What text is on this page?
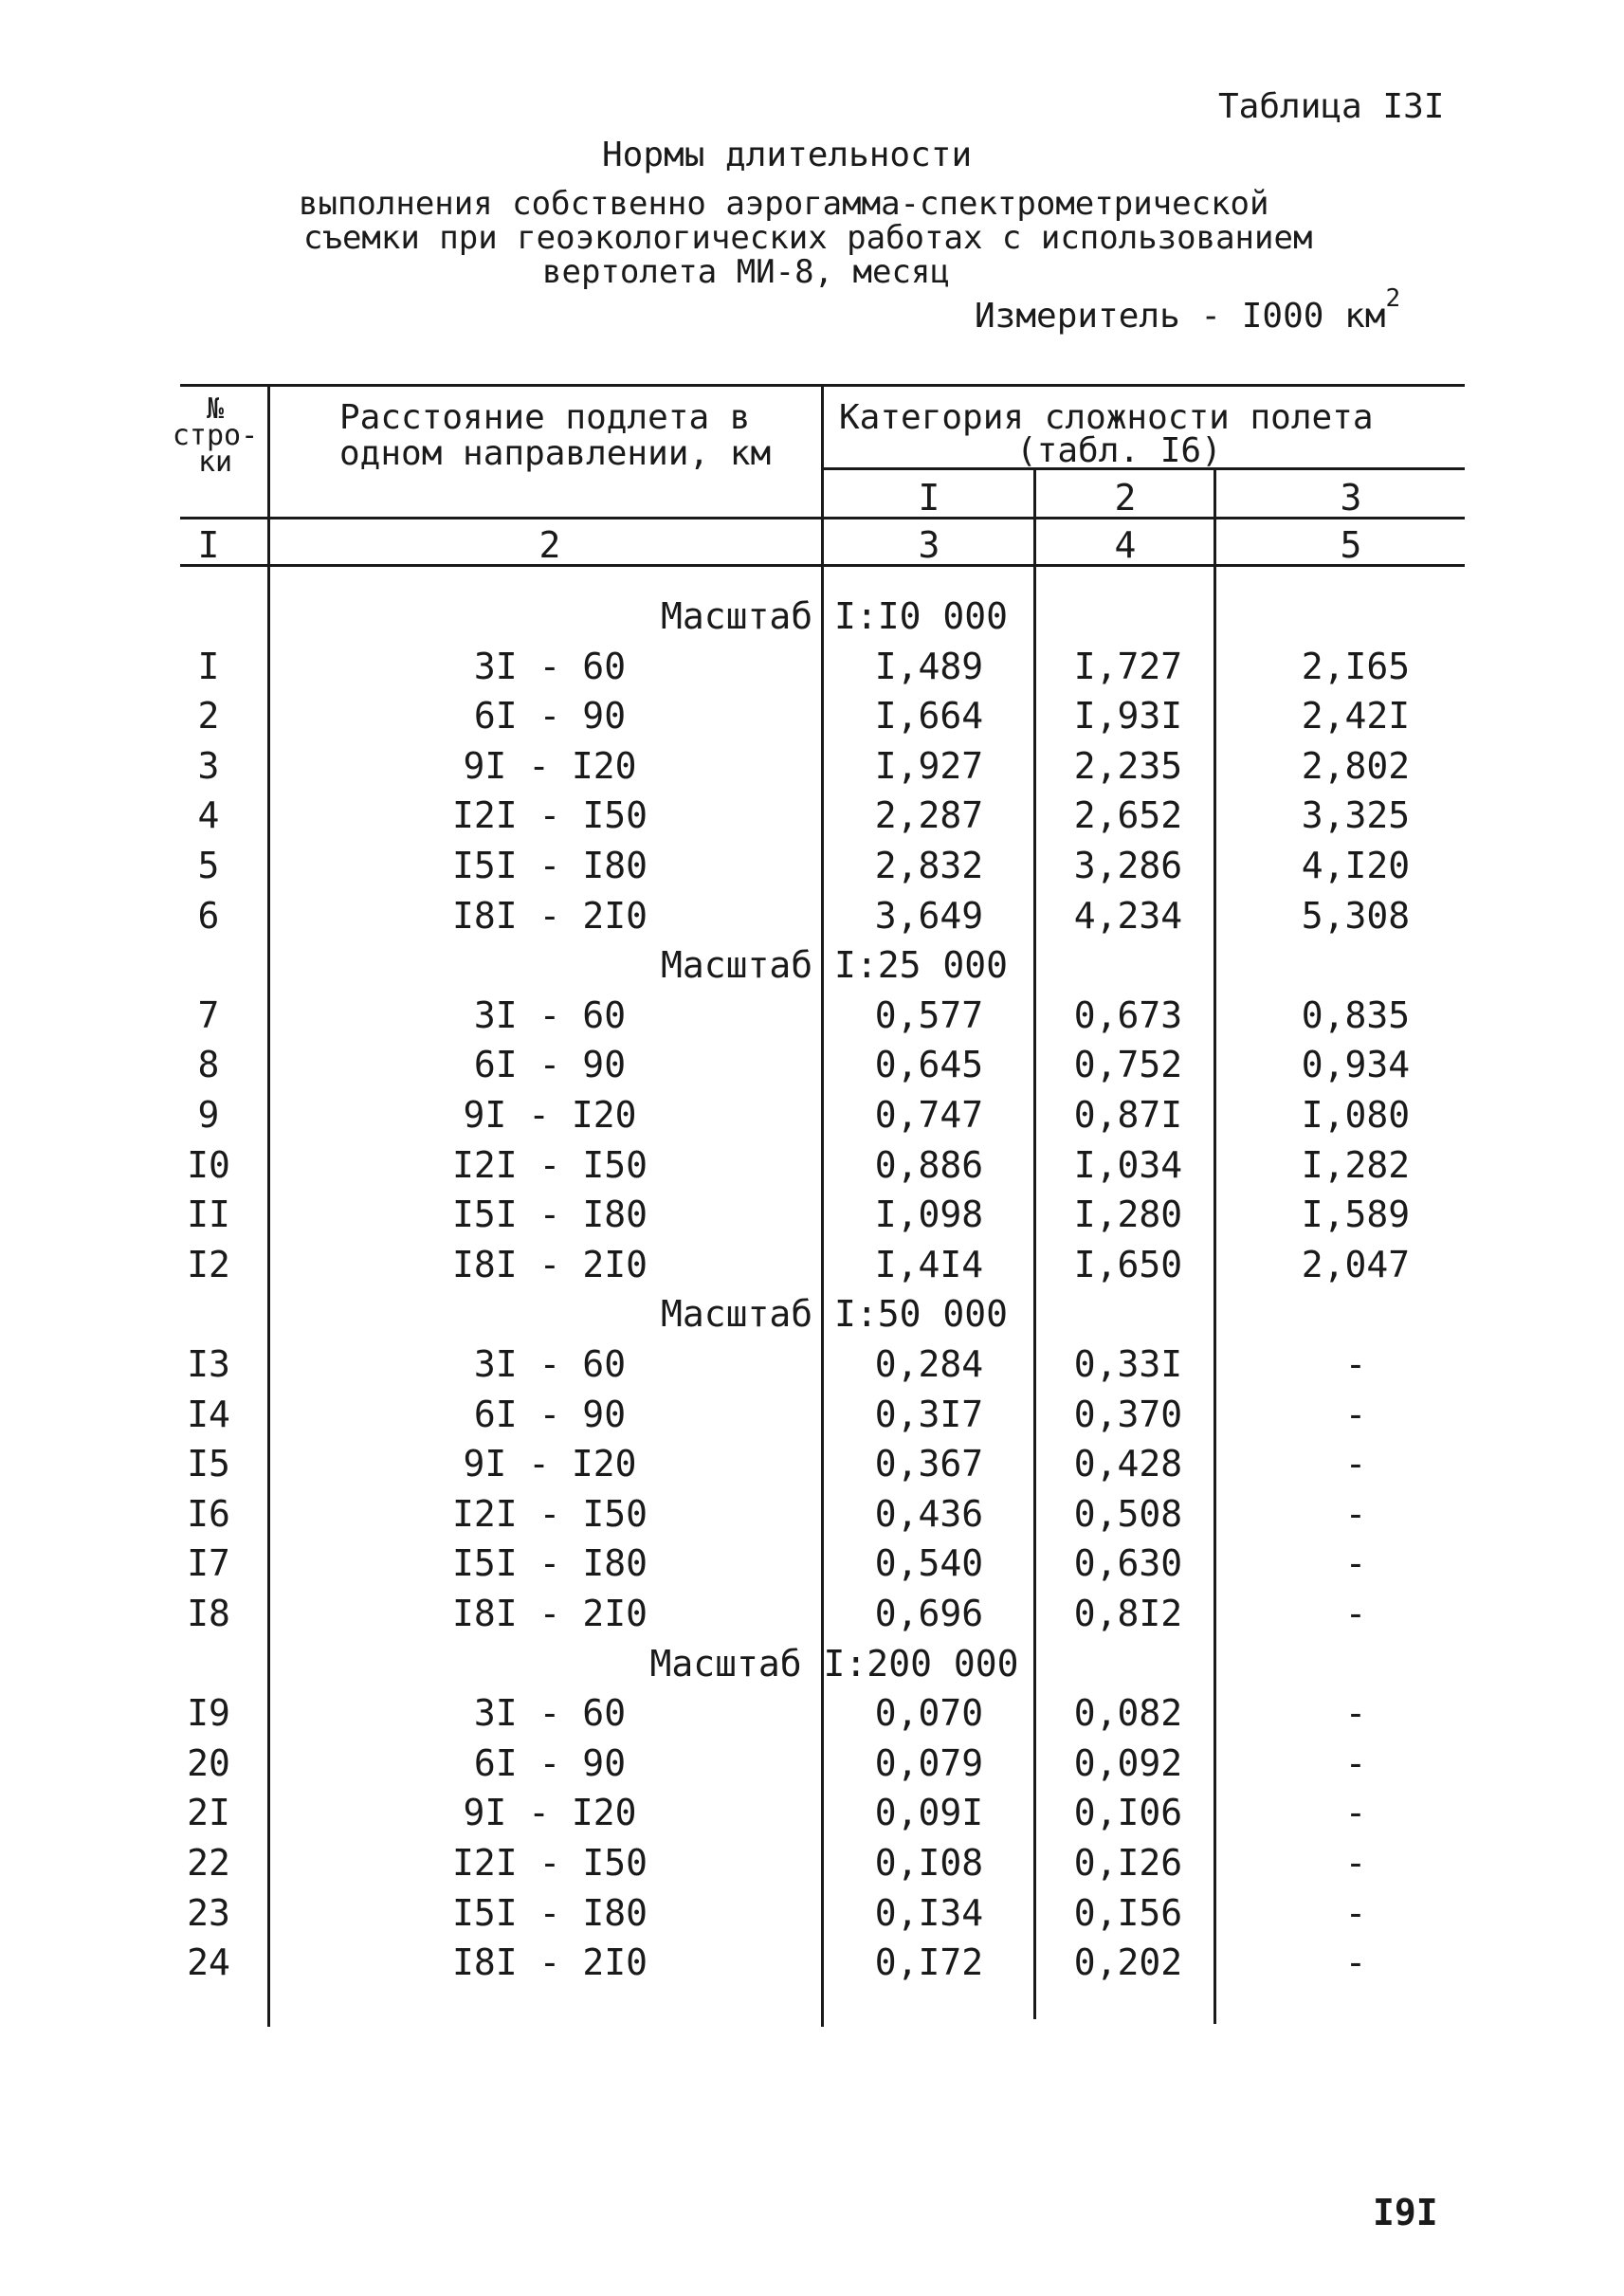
Таблица I3I
Нормы длительности
выполнения собственно аэрогамма-спектрометрической
съемки при геоэкологических работах с использованием
вертолета МИ-8, месяц
Измеритель - I000 $км^2$
№ стро- ки
Расстояние подлета в
одном направлении, км
Категория сложности полета
(табл. I6)
I	2	3
I	2	3	4	5
Масштаб I:I0 000
I	3I - 60	I,489	I,727	2,I65
2	6I - 90	I,664	I,93I	2,42I
3	9I - I20	I,927	2,235	2,802
4	I2I - I50	2,287	2,652	3,325
5	I5I - I80	2,832	3,286	4,I20
6	I8I - 2I0	3,649	4,234	5,308
Масштаб I:25 000
7	3I - 60	0,577	0,673	0,835
8	6I - 90	0,645	0,752	0,934
9	9I - I20	0,747	0,87I	I,080
I0	I2I - I50	0,886	I,034	I,282
II	I5I - I80	I,098	I,280	I,589
I2	I8I - 2I0	I,4I4	I,650	2,047
Масштаб I:50 000
I3	3I - 60	0,284	0,33I	-
I4	6I - 90	0,3I7	0,370	-
I5	9I - I20	0,367	0,428	-
I6	I2I - I50	0,436	0,508	-
I7	I5I - I80	0,540	0,630	-
I8	I8I - 2I0	0,696	0,8I2	-
Масштаб I:200 000
I9	3I - 60	0,070	0,082	-
20	6I - 90	0,079	0,092	-
2I	9I - I20	0,09I	0,I06	-
22	I2I - I50	0,I08	0,I26	-
23	I5I - I80	0,I34	0,I56	-
24	I8I - 2I0	0,I72	0,202	-
I9I
